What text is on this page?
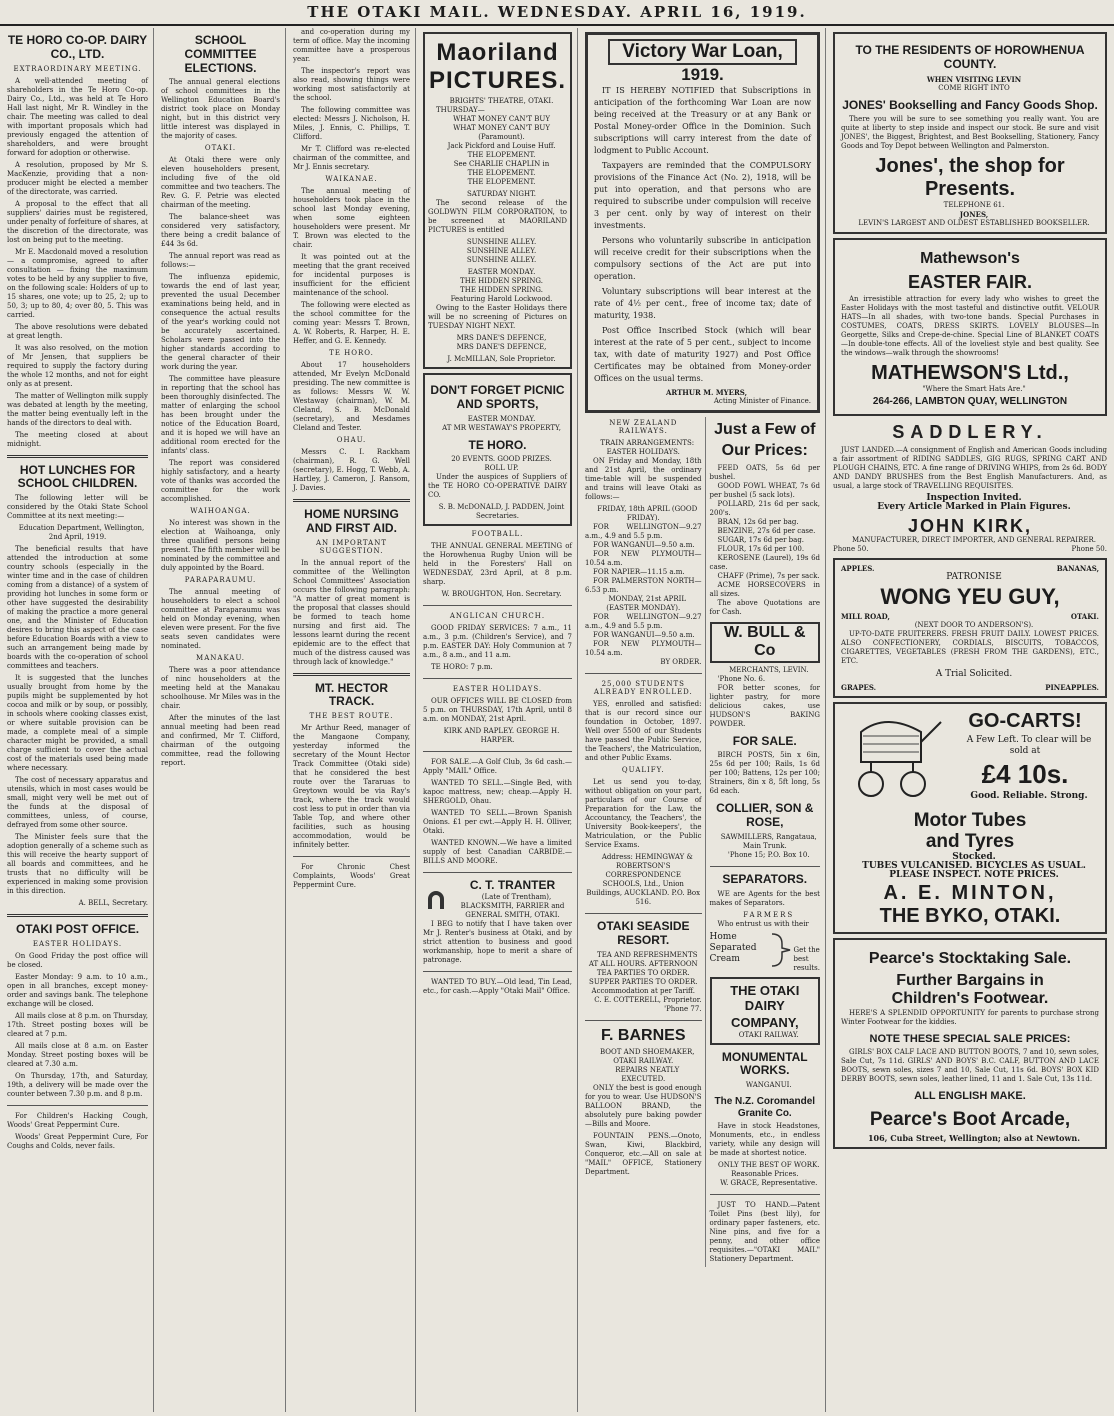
THE OTAKI MAIL. WEDNESDAY. APRIL 16, 1919.
TE HORO CO-OP. DAIRY CO., LTD.
EXTRAORDINARY MEETING.

A well-attended meeting of shareholders in the Te Horo Co-op. Dairy Co., Ltd., was held at Te Horo Hall last night, Mr R. Windley in the chair. The meeting was called to deal with important proposals which had previously engaged the attention of shareholders, and were brought forward for adoption or otherwise.

A resolution, proposed by Mr S. MacKenzie, providing that a non-producer might be elected a member of the directorate, was carried.

A proposal to the effect that all suppliers' dairies must be registered, under penalty of forfeiture of shares, at the discretion of the directorate, was lost on being put to the meeting.

Mr E. Macdonald moved a resolution — a compromise, agreed to after consultation — fixing the maximum votes to be held by any supplier to five, on the following scale: Holders of up to 15 shares, one vote; up to 25, 2; up to 50, 3; up to 80, 4; over 80, 5. This was carried.

The above resolutions were debated at great length.

It was also resolved, on the motion of Mr Jensen, that suppliers be required to supply the factory during the whole 12 months, and not for eight only as at present.

The matter of Wellington milk supply was debated at length by the meeting, the matter being eventually left in the hands of the directors to deal with.

The meeting closed at about midnight.

HOT LUNCHES FOR SCHOOL CHILDREN.

The following letter will be considered by the Otaki State School Committee at its next meeting:—

Education Department, Wellington, 2nd April, 1919.

The beneficial results that have attended the introduction at some country schools (especially in the winter time and in the case of children coming from a distance) of a system of providing hot lunches in some form or other have suggested the desirability of making the practice a more general one, and the Minister of Education desires to bring this aspect of the case before Education Boards with a view to such an arrangement being made by boards with the co-operation of school committees and teachers.

It is suggested that the lunches usually brought from home by the pupils might be supplemented by hot cocoa and milk or by soup, or possibly, in schools where cooking classes exist, or where suitable provision can be made, a complete meal of a simple character might be provided, a small charge sufficient to cover the actual cost of the materials used being made where necessary.

The cost of necessary apparatus and utensils, which in most cases would be small, might very well be met out of the funds at the disposal of committees, unless, of course, defrayed from some other source.

The Minister feels sure that the adoption generally of a scheme such as this will receive the hearty support of all boards and committees, and he trusts that no difficulty will be experienced in making some provision in this direction.

A. BELL, Secretary.

OTAKI POST OFFICE.
EASTER HOLIDAYS.

On Good Friday the post office will be closed.

Easter Monday: 9 a.m. to 10 a.m., open in all branches, except money-order and savings bank. The telephone exchange will be closed.

All mails close at 8 p.m. on Thursday, 17th. Street posting boxes will be cleared at 7 p.m.

All mails close at 8 a.m. on Easter Monday. Street posting boxes will be cleared at 7.30 a.m.

On Thursday, 17th, and Saturday, 19th, a delivery will be made over the counter between 7.30 p.m. and 8 p.m.

For Children's Hacking Cough, Woods' Great Peppermint Cure.

Woods' Great Peppermint Cure, For Coughs and Colds, never fails.

SCHOOL COMMITTEE ELECTIONS.

The annual general elections of school committees in the Wellington Education Board's district took place on Monday night, but in this district very little interest was displayed in the majority of cases.

OTAKI.

At Otaki there were only eleven householders present, including five of the old committee and two teachers. The Rev. G. F. Petrie was elected chairman of the meeting.

The balance-sheet was considered very satisfactory, there being a credit balance of £44 3s 6d.

The annual report was read as follows:—

The influenza epidemic, towards the end of last year, prevented the usual December examinations being held, and in consequence the actual results of the year's working could not be accurately ascertained. Scholars were passed into the higher standards according to the general character of their work during the year.

The committee have pleasure in reporting that the school has been thoroughly disinfected. The matter of enlarging the school has been brought under the notice of the Education Board, and it is hoped we will have an additional room erected for the infants' class.

The report was considered highly satisfactory, and a hearty vote of thanks was accorded the committee for the work accomplished.

WAIHOANGA.

No interest was shown in the election at Waihoanga, only three qualified persons being present. The fifth member will be nominated by the committee and duly appointed by the Board.

PARAPARAUMU.

The annual meeting of householders to elect a school committee at Paraparaumu was held on Monday evening, when eleven were present. For the five seats seven candidates were nominated.

MANAKAU.

There was a poor attendance of ninc householders at the meeting held at the Manakau schoolhouse. Mr Miles was in the chair.

After the minutes of the last annual meeting had been read and confirmed, Mr T. Clifford, chairman of the outgoing committee, read the following report.

and co-operation during my term of office. May the incoming committee have a prosperous year.

The inspector's report was also read, showing things were working most satisfactorily at the school.

The following committee was elected: Messrs J. Nicholson, H. Miles, J. Ennis, C. Phillips, T. Clifford.

Mr T. Clifford was re-elected chairman of the committee, and Mr J. Ennis secretary.

WAIKANAE.

The annual meeting of householders took place in the school last Monday evening, when some eighteen householders were present. Mr T. Brown was elected to the chair.

It was pointed out at the meeting that the grant received for incidental purposes is insufficient for the efficient maintenance of the school.

The following were elected as the school committee for the coming year: Messrs T. Brown, A. W. Roberts, R. Harper, H. E. Heffer, and G. E. Kennedy.

TE HORO.

About 17 householders attended, Mr Evelyn McDonald presiding. The new committee is as follows: Messrs W. W. Westaway (chairman), W. M. Cleland, S. B. McDonald (secretary), and Mesdames Cleland and Tester.

OHAU.

Messrs C. I. Rackham (chairman), R. G. Well (secretary), E. Hogg, T. Webb, A. Hartley, J. Cameron, J. Ransom, J. Davies.

HOME NURSING AND FIRST AID.
AN IMPORTANT SUGGESTION.

In the annual report of the committee of the Wellington School Committees' Association occurs the following paragraph: "A matter of great moment is the proposal that classes should be formed to teach home nursing and first aid. The lessons learnt during the recent epidemic are to the effect that much of the distress caused was through lack of knowledge."

MT. HECTOR TRACK.
THE BEST ROUTE.

Mr Arthur Reed, manager of the Mangaone Company, yesterday informed the secretary of the Mount Hector Track Committee (Otaki side) that he considered the best route over the Tararuas to Greytown would be via Ray's track, where the track would cost less to put in order than via Table Top, and where other facilities, such as housing accommodation, would be infinitely better.

For Chronic Chest Complaints, Woods' Great Peppermint Cure.

Maoriland PICTURES.

BRIGHTS' THEATRE, OTAKI.

THURSDAY—

WHAT MONEY CAN'T BUY

WHAT MONEY CAN'T BUY

(Paramount).

Jack Pickford and Louise Huff.

THE ELOPEMENT.

See CHARLIE CHAPLIN in

THE ELOPEMENT.

THE ELOPEMENT.

SATURDAY NIGHT.

The second release of the GOLDWYN FILM CORPORATION, to be screened at MAORILAND PICTURES is entitled

SUNSHINE ALLEY.

SUNSHINE ALLEY.

SUNSHINE ALLEY.

EASTER MONDAY.

THE HIDDEN SPRING.

THE HIDDEN SPRING.

Featuring Harold Lockwood.

Owing to the Easter Holidays there will be no screening of Pictures on TUESDAY NIGHT NEXT.

MRS DANE'S DEFENCE,

MRS DANE'S DEFENCE,

J. McMILLAN, Sole Proprietor.

DON'T FORGET PICNIC AND SPORTS,

EASTER MONDAY.

AT MR WESTAWAY'S PROPERTY,

TE HORO.

20 EVENTS. GOOD PRIZES.

ROLL UP.

Under the auspices of Suppliers of the TE HORO CO-OPERATIVE DAIRY CO.

S. B. McDONALD, J. PADDEN, Joint Secretaries.

FOOTBALL.

THE ANNUAL GENERAL MEETING of the Horowhenua Rugby Union will be held in the Foresters' Hall on WEDNESDAY, 23rd April, at 8 p.m. sharp.

W. BROUGHTON, Hon. Secretary.

ANGLICAN CHURCH.

GOOD FRIDAY SERVICES: 7 a.m., 11 a.m., 3 p.m. (Children's Service), and 7 p.m. EASTER DAY: Holy Communion at 7 a.m., 8 a.m., and 11 a.m.

TE HORO: 7 p.m.

EASTER HOLIDAYS.

OUR OFFICES WILL BE CLOSED from 5 p.m. on THURSDAY, 17th April, until 8 a.m. on MONDAY, 21st April.

KIRK AND RAPLEY. GEORGE H. HARPER.

FOR SALE.—A Golf Club, 3s 6d cash.—Apply "MAIL" Office.

WANTED TO SELL.—Single Bed, with kapoc mattress, new; cheap.—Apply H. SHERGOLD, Ohau.

WANTED TO SELL.—Brown Spanish Onions. £1 per cwt.—Apply H. H. Olliver, Otaki.

WANTED KNOWN.—We have a limited supply of best Canadian CARBIDE.—BILLS AND MOORE.

C. T. TRANTER

(Late of Trentham), BLACKSMITH, FARRIER and GENERAL SMITH, OTAKI.

I BEG to notify that I have taken over Mr J. Renter's business at Otaki, and by strict attention to business and good workmanship, hope to merit a share of patronage.

WANTED TO BUY.—Old lead, Tin Lead, etc., for cash.—Apply "Otaki Mail" Office.

Victory War Loan,
1919.

IT IS HEREBY NOTIFIED that Subscriptions in anticipation of the forthcoming War Loan are now being received at the Treasury or at any Bank or Postal Money-order Office in the Dominion. Such subscriptions will carry interest from the date of lodgment to Public Account.

Taxpayers are reminded that the COMPULSORY provisions of the Finance Act (No. 2), 1918, will be put into operation, and that persons who are required to subscribe under compulsion will receive 3 per cent. only by way of interest on their investments.

Persons who voluntarily subscribe in anticipation will receive credit for their subscriptions when the compulsory sections of the Act are put into operation.

Voluntary subscriptions will bear interest at the rate of 4½ per cent., free of income tax; date of maturity, 1938.

Post Office Inscribed Stock (which will bear interest at the rate of 5 per cent., subject to income tax, with date of maturity 1927) and Post Office Certificates may be obtained from Money-order Offices on the usual terms.

ARTHUR M. MYERS,

Acting Minister of Finance.

NEW ZEALAND RAILWAYS.

TRAIN ARRANGEMENTS: EASTER HOLIDAYS.

ON Friday and Monday, 18th and 21st April, the ordinary time-table will be suspended and trains will leave Otaki as follows:—

FRIDAY, 18th APRIL (GOOD FRIDAY).

FOR WELLINGTON—9.27 a.m., 4.9 and 5.5 p.m.

FOR WANGANUI—9.50 a.m.

FOR NEW PLYMOUTH—10.54 a.m.

FOR NAPIER—11.15 a.m.

FOR PALMERSTON NORTH—6.53 p.m.

MONDAY, 21st APRIL (EASTER MONDAY).

FOR WELLINGTON—9.27 a.m., 4.9 and 5.5 p.m.

FOR WANGANUI—9.50 a.m.

FOR NEW PLYMOUTH—10.54 a.m.

BY ORDER.

25,000 STUDENTS ALREADY ENROLLED.

YES, enrolled and satisfied: that is our record since our foundation in October, 1897. Well over 5500 of our Students have passed the Public Service, the Teachers', the Matriculation, and other Public Exams.

QUALIFY.

Let us send you to-day, without obligation on your part, particulars of our Course of Preparation for the Law, the Accountancy, the Teachers', the University Book-keepers', the Matriculation, or the Public Service Exams.

Address: HEMINGWAY & ROBERTSON'S CORRESPONDENCE SCHOOLS, Ltd., Union Buildings, AUCKLAND. P.O. Box 516.

OTAKI SEASIDE RESORT.

TEA AND REFRESHMENTS AT ALL HOURS. AFTERNOON TEA PARTIES TO ORDER. SUPPER PARTIES TO ORDER. Accommodation at per Tariff.

C. E. COTTERELL, Proprietor. 'Phone 77.

F. BARNES

BOOT AND SHOEMAKER, OTAKI RAILWAY.

REPAIRS NEATLY EXECUTED.

ONLY the best is good enough for you to wear. Use HUDSON'S BALLOON BRAND, the absolutely pure baking powder—Bills and Moore.

FOUNTAIN PENS.—Onoto, Swan, Kiwi, Blackbird, Conqueror, etc.—All on sale at "MAIL" OFFICE, Stationery Department.

Just a Few of
Our Prices:

FEED OATS, 5s 6d per bushel.

GOOD FOWL WHEAT, 7s 6d per bushel (5 sack lots).

POLLARD, 21s 6d per sack, 200's.

BRAN, 12s 6d per bag.

BENZINE, 27s 6d per case.

SUGAR, 17s 6d per bag.

FLOUR, 17s 6d per 100.

KEROSENE (Laurel), 19s 6d case.

CHAFF (Prime), 7s per sack.

ACME HORSECOVERS in all sizes.

The above Quotations are for Cash.

W. BULL & Co

MERCHANTS, LEVIN.

'Phone No. 6.

FOR better scones, for lighter pastry, for more delicious cakes, use HUDSON'S BAKING POWDER.

FOR SALE.

BIRCH POSTS, 5in x 6in, 25s 6d per 100; Rails, 1s 6d per 100; Battens, 12s per 100; Strainers, 8in x 8, 5ft long, 5s 6d each.

COLLIER, SON & ROSE,

SAWMILLERS, Rangataua, Main Trunk.

'Phone 15; P.O. Box 10.

SEPARATORS.

WE are Agents for the best makes of Separators.

FARMERS

Who entrust us with their

Home Separated Cream
Get the best results.
THE OTAKI DAIRY
COMPANY,

OTAKI RAILWAY.

MONUMENTAL WORKS.

WANGANUI.

The N.Z. Coromandel Granite Co.

Have in stock Headstones, Monuments, etc., in endless variety, while any design will be made at shortest notice.

ONLY THE BEST OF WORK. Reasonable Prices.

W. GRACE, Representative.

JUST TO HAND.—Patent Toilet Pins (best lily), for ordinary paper fasteners, etc. Nine pins, and five for a penny, and other office requisites.—"OTAKI MAIL" Stationery Department.

TO THE RESIDENTS OF HOROWHENUA COUNTY.

WHEN VISITING LEVIN

COME RIGHT INTO

JONES' Bookselling and Fancy Goods Shop.

There you will be sure to see something you really want. You are quite at liberty to step inside and inspect our stock. Be sure and visit JONES', the Biggest, Brightest, and Best Bookselling, Stationery, Fancy Goods and Toy Depot between Wellington and Palmerston.

Jones', the shop for
Presents.

TELEPHONE 61.

JONES,

LEVIN'S LARGEST AND OLDEST ESTABLISHED BOOKSELLER.

Mathewson's
EASTER FAIR.

An irresistible attraction for every lady who wishes to greet the Easter Holidays with the most tasteful and distinctive outfit. VELOUR HATS—In all shades, with two-tone bands. Special Purchases in COSTUMES, COATS, DRESS SKIRTS. LOVELY BLOUSES—In Georgette, Silks and Crepe-de-chine. Special Line of BLANKET COATS—In double-tone effects. All of the loveliest style and best quality. See the windows—walk through the showrooms!

MATHEWSON'S Ltd.,

"Where the Smart Hats Are."

264-266, LAMBTON QUAY, WELLINGTON
SADDLERY.

JUST LANDED.—A consignment of English and American Goods including a fair assortment of RIDING SADDLES, GIG RUGS, SPRING CART AND PLOUGH CHAINS, ETC. A fine range of DRIVING WHIPS, from 2s 6d. BODY AND DANDY BRUSHES from the Best English Manufacturers. And, as usual, a large stock of TRAVELLING REQUISITES.

Inspection Invited.

Every Article Marked in Plain Figures.

JOHN KIRK,

MANUFACTURER, DIRECT IMPORTER, AND GENERAL REPAIRER.

Phone 50.	Phone 50.
APPLES.	BANANAS,

PATRONISE

WONG YEU GUY,
MILL ROAD,	OTAKI.

(NEXT DOOR TO ANDERSON'S).

UP-TO-DATE FRUITERERS. FRESH FRUIT DAILY. LOWEST PRICES. ALSO CONFECTIONERY, CORDIALS, BISCUITS, TOBACCOS, CIGARETTES, VEGETABLES (FRESH FROM THE GARDENS), ETC., ETC.

A Trial Solicited.

GRAPES.	PINEAPPLES.
GO-CARTS!

A Few Left. To clear will be sold at

£4 10s.

Good. Reliable. Strong.

Motor Tubes
and Tyres

Stocked.

TUBES VULCANISED. BICYCLES AS USUAL.

PLEASE INSPECT. NOTE PRICES.

A. E. MINTON,
THE BYKO, OTAKI.
Pearce's Stocktaking Sale.
Further Bargains in
Children's Footwear.

HERE'S A SPLENDID OPPORTUNITY for parents to purchase strong Winter Footwear for the kiddies.

NOTE THESE SPECIAL SALE PRICES:

GIRLS' BOX CALF LACE AND BUTTON BOOTS, 7 and 10, sewn soles, Sale Cut, 7s 11d. GIRLS' AND BOYS' B.C. CALF, BUTTON AND LACE BOOTS, sewn soles, sizes 7 and 10, Sale Cut, 11s 6d. BOYS' BOX KID DERBY BOOTS, sewn soles, leather lined, 11 and 1. Sale Cut, 13s 11d.

ALL ENGLISH MAKE.
Pearce's Boot Arcade,

106, Cuba Street, Wellington; also at Newtown.
